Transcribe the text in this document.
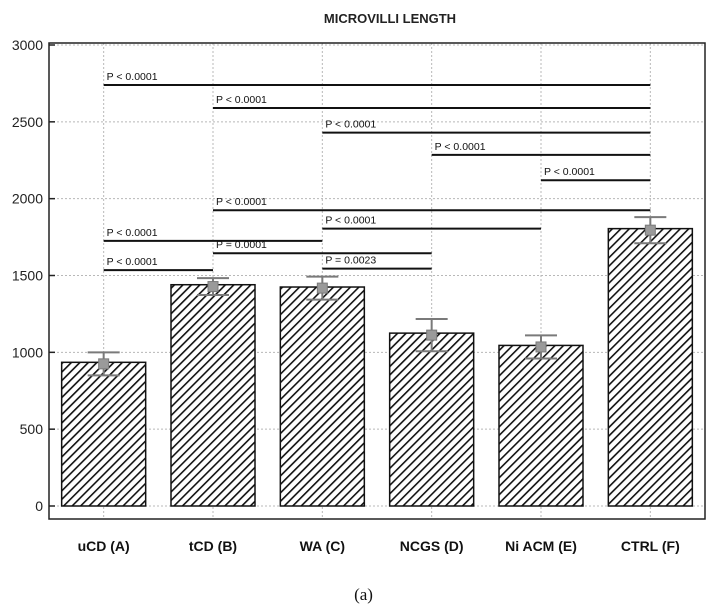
MICROVILLI LENGTH
P < 0.0001
P < 0.0001
P < 0.0001
P < 0.0001
P < 0.0001
P < 0.0001
P < 0.0001
P < 0.0001
P = 0.0001
P = 0.0023
P < 0.0001
0
500
1000
1500
2000
2500
3000
uCD (A)	tCD (B)	WA (C)	NCGS (D)	Ni ACM (E)	CTRL (F)
(a)
